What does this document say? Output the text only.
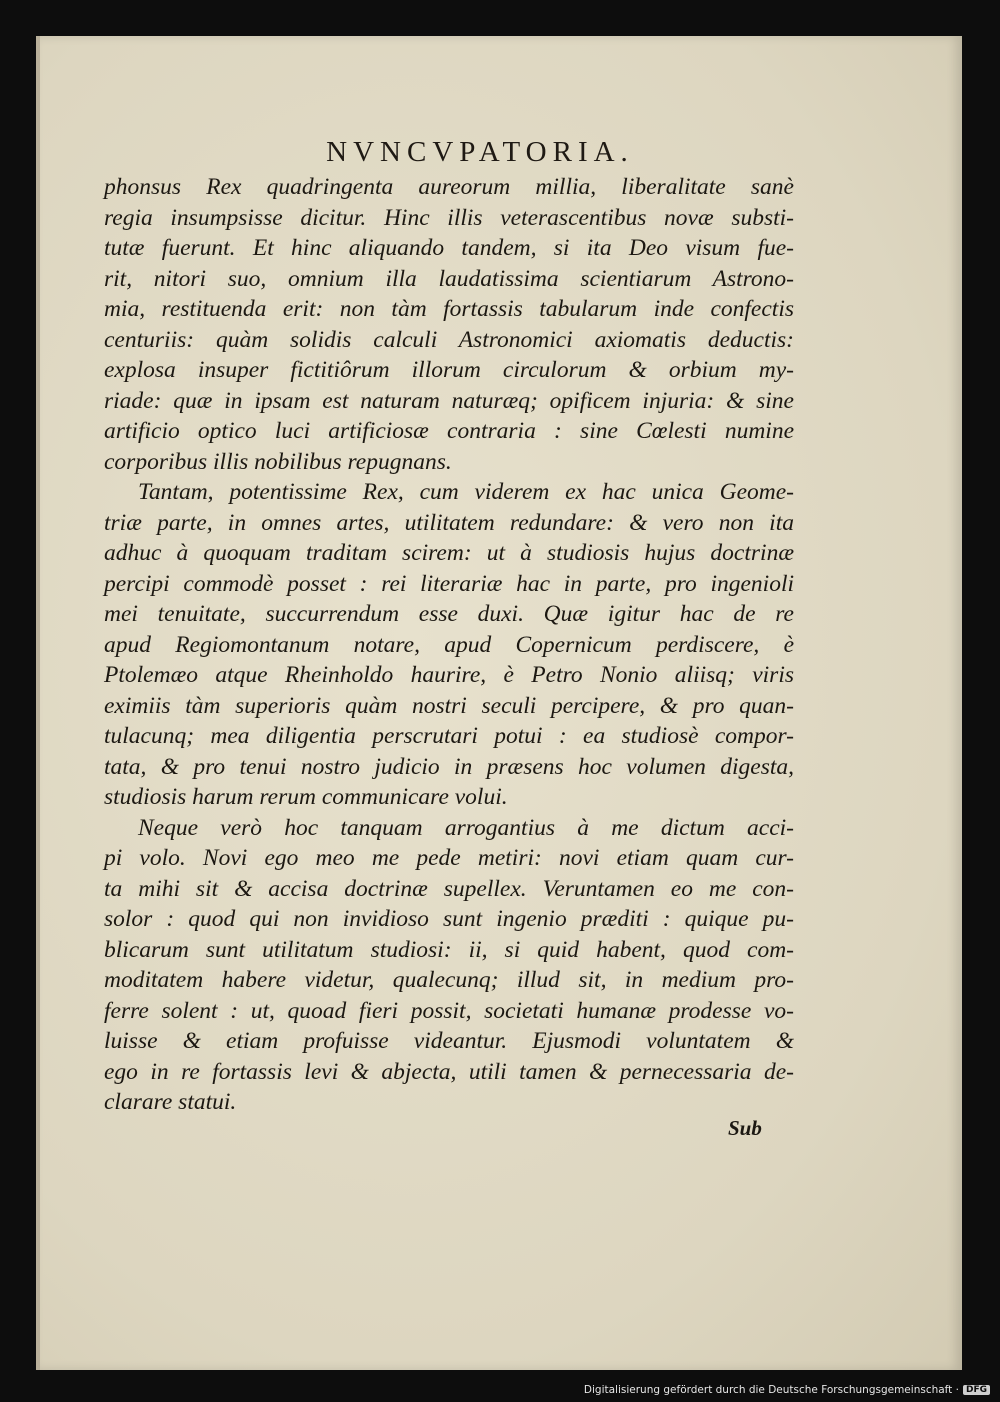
NVNCVPATORIA.
phonsus Rex quadringenta aureorum millia, liberalitate sanè
regia insumpsisse dicitur. Hinc illis veterascentibus novæ substi-
tutæ fuerunt. Et hinc aliquando tandem, si ita Deo visum fue-
rit, nitori suo, omnium illa laudatissima scientiarum Astrono-
mia, restituenda erit: non tàm fortassis tabularum inde confectis
centuriis: quàm solidis calculi Astronomici axiomatis deductis:
explosa insuper fictitiôrum illorum circulorum & orbium my-
riade: quæ in ipsam est naturam naturæq; opificem injuria: & sine
artificio optico luci artificiosæ contraria : sine Cœlesti numine
corporibus illis nobilibus repugnans.
Tantam, potentissime Rex, cum viderem ex hac unica Geome-
triæ parte, in omnes artes, utilitatem redundare: & vero non ita
adhuc à quoquam traditam scirem: ut à studiosis hujus doctrinæ
percipi commodè posset : rei literariæ hac in parte, pro ingenioli
mei tenuitate, succurrendum esse duxi. Quæ igitur hac de re
apud Regiomontanum notare, apud Copernicum perdiscere, è
Ptolemæo atque Rheinholdo haurire, è Petro Nonio aliisq; viris
eximiis tàm superioris quàm nostri seculi percipere, & pro quan-
tulacunq; mea diligentia perscrutari potui : ea studiosè compor-
tata, & pro tenui nostro judicio in præsens hoc volumen digesta,
studiosis harum rerum communicare volui.
Neque verò hoc tanquam arrogantius à me dictum acci-
pi volo. Novi ego meo me pede metiri: novi etiam quam cur-
ta mihi sit & accisa doctrinæ supellex. Veruntamen eo me con-
solor : quod qui non invidioso sunt ingenio præditi : quique pu-
blicarum sunt utilitatum studiosi: ii, si quid habent, quod com-
moditatem habere videtur, qualecunq; illud sit, in medium pro-
ferre solent : ut, quoad fieri possit, societati humanæ prodesse vo-
luisse & etiam profuisse videantur. Ejusmodi voluntatem &
ego in re fortassis levi & abjecta, utili tamen & pernecessaria de-
clarare statui.
Sub
Digitalisierung gefördert durch die Deutsche Forschungsgemeinschaft · DFG
